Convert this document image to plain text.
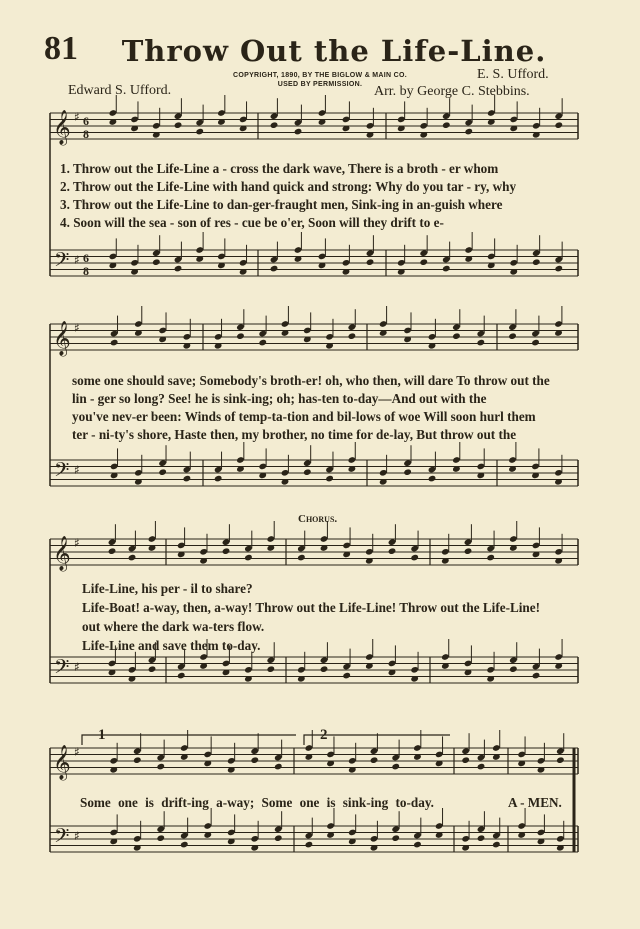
81	Throw Out the Life-Line.
COPYRIGHT, 1890, BY THE BIGLOW & MAIN CO.
USED BY PERMISSION.
Edward S. Ufford.
E. S. Ufford.
Arr. by George C. Stebbins.
𝄞
𝄢
♯
♯
6
8
6
8
𝄞
𝄢
♯
♯
𝄞
𝄢
♯
♯
𝄞
𝄢
♯
♯
1. Throw out the Life-Line a - cross the dark wave, There is a broth - er whom
2. Throw out the Life-Line with hand quick and strong: Why do you tar - ry, why
3. Throw out the Life-Line to dan-ger-fraught men, Sink-ing in an-guish where
4. Soon will the sea - son of res - cue be o'er, Soon will they drift to e-
some one should save; Somebody's broth-er! oh, who then, will dare To throw out the
lin - ger so long? See! he is sink-ing; oh; has-ten to-day—And out with the
you've nev-er been: Winds of temp-ta-tion and bil-lows of woe Will soon hurl them
ter - ni-ty's shore, Haste then, my brother, no time for de-lay, But throw out the
Chorus.
Life-Line, his per - il to share?
Life-Boat! a-way, then, a-way! Throw out the Life-Line! Throw out the Life-Line!
out where the dark wa-ters flow.
Life-Line and save them to-day.
1	2
Some one is drift-ing a-way; Some one is sink-ing to-day.	A - MEN.
